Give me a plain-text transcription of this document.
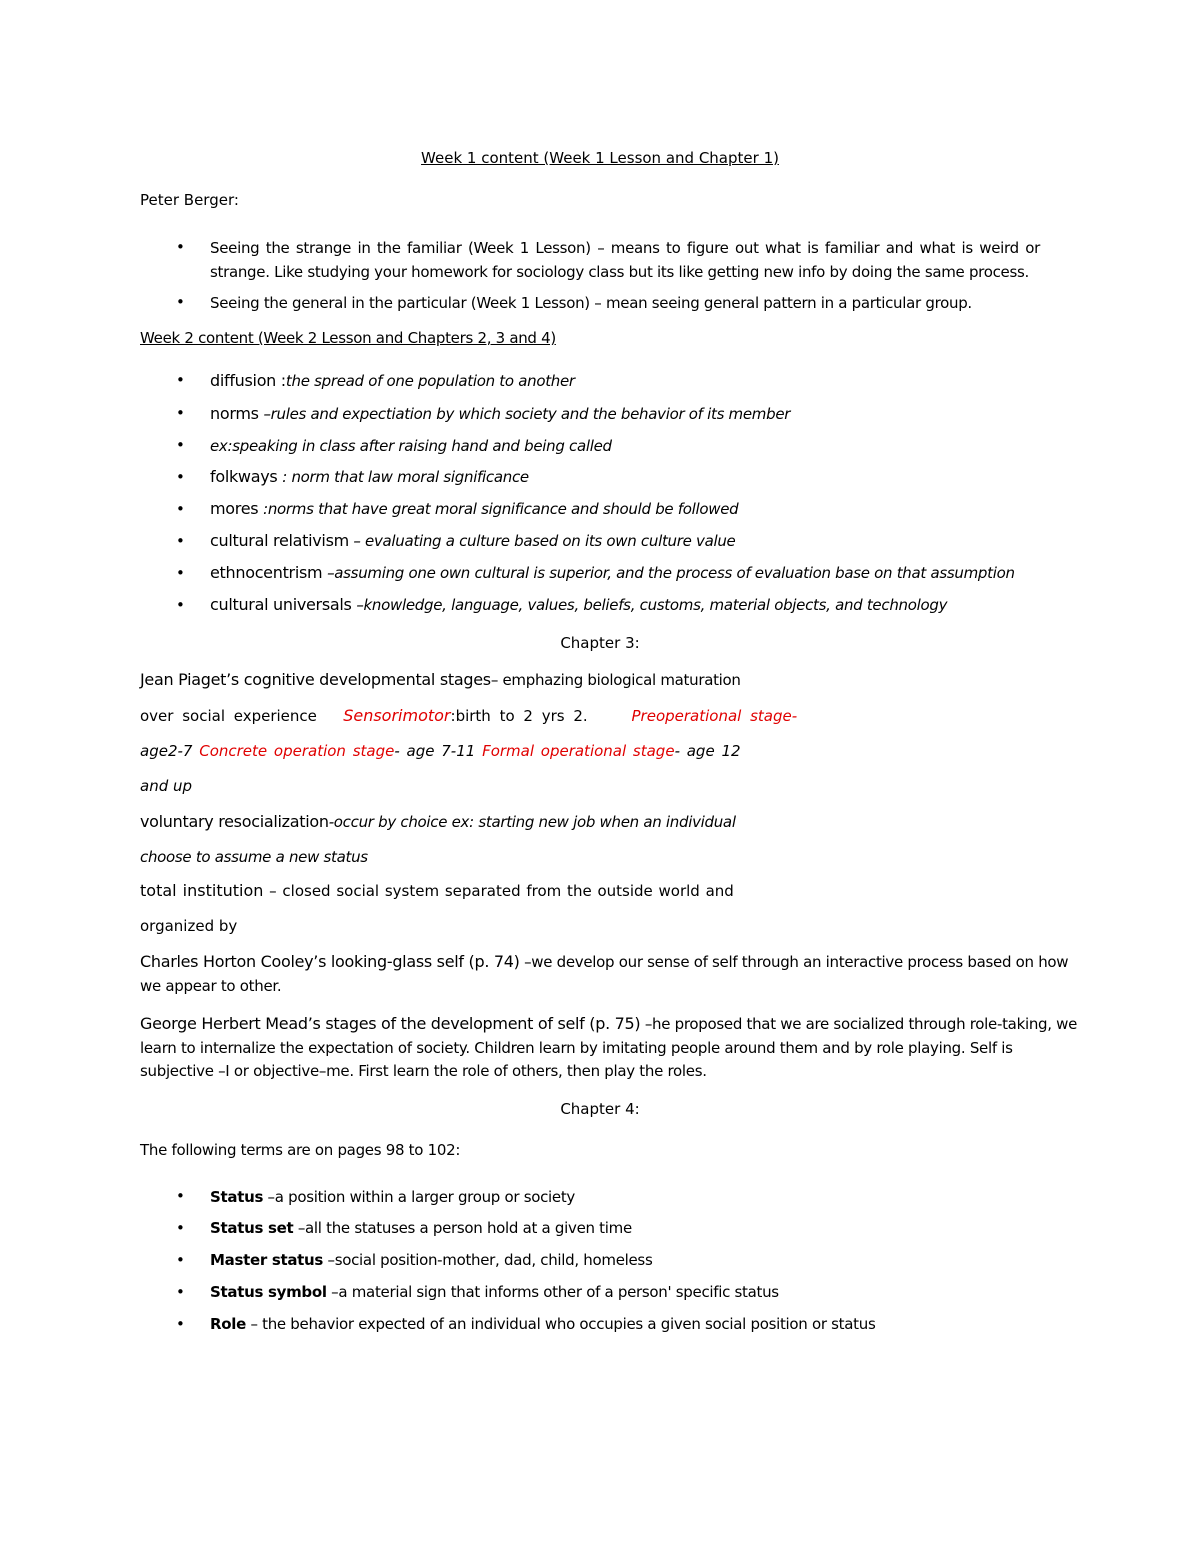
Week 1 content (Week 1 Lesson and Chapter 1)
Peter Berger:
• Seeing the strange in the familiar (Week 1 Lesson) – means to figure out what is familiar and what is weird or
strange. Like studying your homework for sociology class but its like getting new info by doing the same process.
• Seeing the general in the particular (Week 1 Lesson) – mean seeing general pattern in a particular group.
Week 2 content (Week 2 Lesson and Chapters 2, 3 and 4)
• diffusion :the spread of one population to another
• norms –rules and expectiation by which society and the behavior of its member
• ex:speaking in class after raising hand and being called
• folkways : norm that law moral significance
• mores :norms that have great moral significance and should be followed
• cultural relativism – evaluating a culture based on its own culture value
• ethnocentrism –assuming one own cultural is superior, and the process of evaluation base on that assumption
• cultural universals –knowledge, language, values, beliefs, customs, material objects, and technology
Chapter 3:
Jean Piaget’s cognitive developmental stages– emphazing biological maturation
over social experience Sensorimotor:birth to 2 yrs 2.	Preoperational stage-
age2-7 Concrete operation stage- age 7-11 Formal operational stage- age 12
and up
voluntary resocialization-occur by choice ex: starting new job when an individual
choose to assume a new status
total institution – closed social system separated from the outside world and
organized by
Charles Horton Cooley’s looking-glass self (p. 74) –we develop our sense of self through an interactive process based on how
we appear to other.
George Herbert Mead’s stages of the development of self (p. 75) –he proposed that we are socialized through role-taking, we
learn to internalize the expectation of society. Children learn by imitating people around them and by role playing. Self is
subjective –I or objective–me. First learn the role of others, then play the roles.
Chapter 4:
The following terms are on pages 98 to 102:
• Status –a position within a larger group or society
• Status set –all the statuses a person hold at a given time
• Master status –social position-mother, dad, child, homeless
• Status symbol –a material sign that informs other of a person' specific status
• Role – the behavior expected of an individual who occupies a given social position or status
